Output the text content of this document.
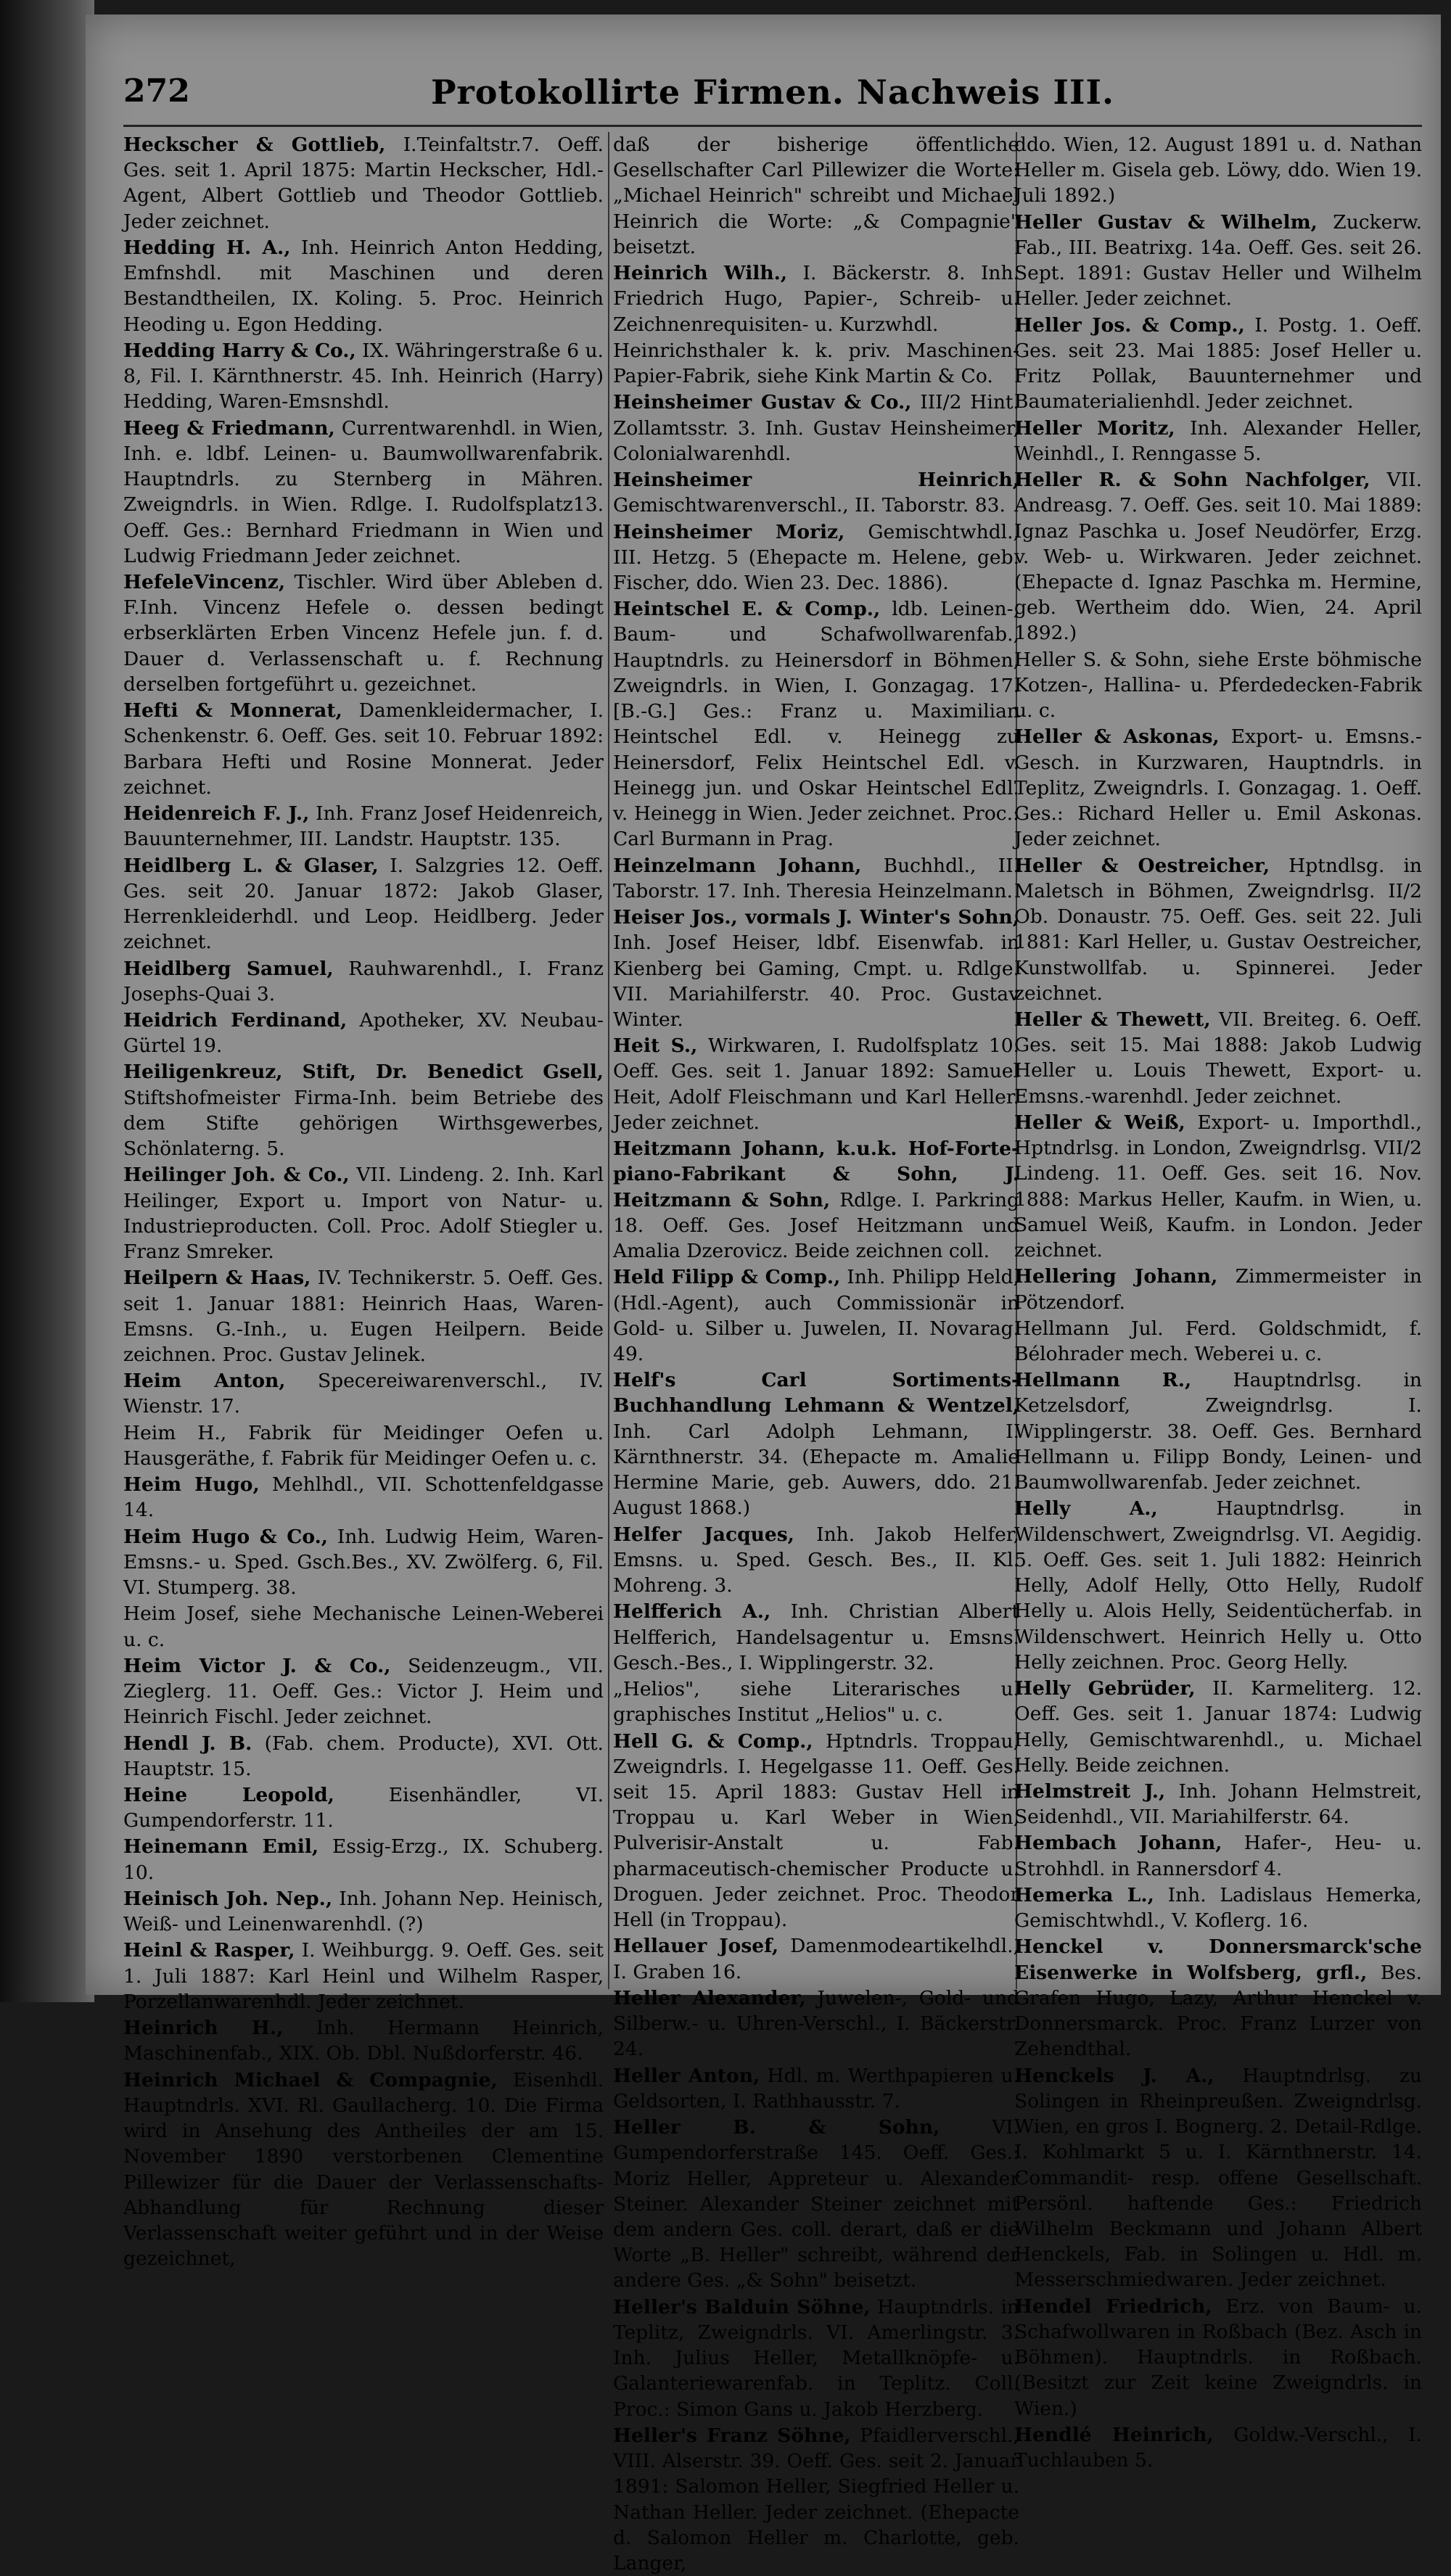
272	Protokollirte Firmen. Nachweis III.
Heckscher & Gottlieb, I.Teinfaltstr.7. Oeff. Ges. seit 1. April 1875: Martin Heckscher, Hdl.-Agent, Albert Gottlieb und Theodor Gottlieb. Jeder zeichnet.
Hedding H. A., Inh. Heinrich Anton Hedding, Emfnshdl. mit Maschinen und deren Bestandtheilen, IX. Koling. 5. Proc. Heinrich Heoding u. Egon Hedding.
Hedding Harry & Co., IX. Währingerstraße 6 u. 8, Fil. I. Kärnthnerstr. 45. Inh. Heinrich (Harry) Hedding, Waren-Emsnshdl.
Heeg & Friedmann, Currentwarenhdl. in Wien, Inh. e. ldbf. Leinen- u. Baumwollwarenfabrik. Hauptndrls. zu Sternberg in Mähren. Zweigndrls. in Wien. Rdlge. I. Rudolfsplatz13. Oeff. Ges.: Bernhard Friedmann in Wien und Ludwig Friedmann Jeder zeichnet.
HefeleVincenz, Tischler. Wird über Ableben d. F.Inh. Vincenz Hefele o. dessen bedingt erbserklärten Erben Vincenz Hefele jun. f. d. Dauer d. Verlassenschaft u. f. Rechnung derselben fortgeführt u. gezeichnet.
Hefti & Monnerat, Damenkleidermacher, I. Schenkenstr. 6. Oeff. Ges. seit 10. Februar 1892: Barbara Hefti und Rosine Monnerat. Jeder zeichnet.
Heidenreich F. J., Inh. Franz Josef Heidenreich, Bauunternehmer, III. Landstr. Hauptstr. 135.
Heidlberg L. & Glaser, I. Salzgries 12. Oeff. Ges. seit 20. Januar 1872: Jakob Glaser, Herrenkleiderhdl. und Leop. Heidlberg. Jeder zeichnet.
Heidlberg Samuel, Rauhwarenhdl., I. Franz Josephs-Quai 3.
Heidrich Ferdinand, Apotheker, XV. Neubau-Gürtel 19.
Heiligenkreuz, Stift, Dr. Benedict Gsell, Stiftshofmeister Firma-Inh. beim Betriebe des dem Stifte gehörigen Wirthsgewerbes, Schönlaterng. 5.
Heilinger Joh. & Co., VII. Lindeng. 2. Inh. Karl Heilinger, Export u. Import von Natur- u. Industrieproducten. Coll. Proc. Adolf Stiegler u. Franz Smreker.
Heilpern & Haas, IV. Technikerstr. 5. Oeff. Ges. seit 1. Januar 1881: Heinrich Haas, Waren-Emsns. G.-Inh., u. Eugen Heilpern. Beide zeichnen. Proc. Gustav Jelinek.
Heim Anton, Specereiwarenverschl., IV. Wienstr. 17.
Heim H., Fabrik für Meidinger Oefen u. Hausgeräthe, f. Fabrik für Meidinger Oefen u. c.
Heim Hugo, Mehlhdl., VII. Schottenfeldgasse 14.
Heim Hugo & Co., Inh. Ludwig Heim, Waren-Emsns.- u. Sped. Gsch.Bes., XV. Zwölferg. 6, Fil. VI. Stumperg. 38.
Heim Josef, siehe Mechanische Leinen-Weberei u. c.
Heim Victor J. & Co., Seidenzeugm., VII. Zieglerg. 11. Oeff. Ges.: Victor J. Heim und Heinrich Fischl. Jeder zeichnet.
Hendl J. B. (Fab. chem. Producte), XVI. Ott. Hauptstr. 15.
Heine Leopold,	Eisenhändler, VI. Gumpendorferstr. 11.
Heinemann Emil, Essig-Erzg., IX. Schuberg. 10.
Heinisch Joh. Nep., Inh. Johann Nep. Heinisch, Weiß- und Leinenwarenhdl. (?)
Heinl & Rasper, I. Weihburgg. 9. Oeff. Ges. seit 1. Juli 1887: Karl Heinl und Wilhelm Rasper, Porzellanwarenhdl. Jeder zeichnet.
Heinrich H., Inh. Hermann Heinrich, Maschinenfab., XIX. Ob. Dbl. Nußdorferstr. 46.
Heinrich Michael & Compagnie, Eisenhdl. Hauptndrls. XVI. Rl. Gaullacherg. 10. Die Firma wird in Ansehung des Antheiles der am 15. November 1890 verstorbenen Clementine Pillewizer für die Dauer der Verlassenschafts-Abhandlung für Rechnung dieser Verlassenschaft weiter geführt und in der Weise gezeichnet,
daß der bisherige öffentliche Gesellschafter Carl Pillewizer die Worte: „Michael Heinrich" schreibt und Michael Heinrich die Worte: „& Compagnie" beisetzt.
Heinrich Wilh., I. Bäckerstr. 8. Inh. Friedrich Hugo, Papier-, Schreib- u. Zeichnenrequisiten- u. Kurzwhdl.
Heinrichsthaler k. k. priv. Maschinen-Papier-Fabrik, siehe Kink Martin & Co.
Heinsheimer Gustav & Co., III/2 Hint. Zollamtsstr. 3. Inh. Gustav Heinsheimer, Colonialwarenhdl.
Heinsheimer Heinrich, Gemischtwarenverschl., II. Taborstr. 83.
Heinsheimer Moriz, Gemischtwhdl., III. Hetzg. 5 (Ehepacte m. Helene, geb. Fischer, ddo. Wien 23. Dec. 1886).
Heintschel E. & Comp., ldb. Leinen-, Baum- und Schafwollwarenfab., Hauptndrls. zu Heinersdorf in Böhmen, Zweigndrls. in Wien, I. Gonzagag. 17. [B.-G.] Ges.: Franz u. Maximilian Heintschel Edl. v. Heinegg zu Heinersdorf, Felix Heintschel Edl. v. Heinegg jun. und Oskar Heintschel Edl. v. Heinegg in Wien. Jeder zeichnet. Proc.: Carl Burmann in Prag.
Heinzelmann Johann, Buchhdl., II. Taborstr. 17. Inh. Theresia Heinzelmann.
Heiser Jos., vormals J. Winter's Sohn, Inh. Josef Heiser, ldbf. Eisenwfab. in Kienberg bei Gaming, Cmpt. u. Rdlge. VII. Mariahilferstr. 40. Proc. Gustav Winter.
Heit S., Wirkwaren, I. Rudolfsplatz 10. Oeff. Ges. seit 1. Januar 1892: Samuel Heit, Adolf Fleischmann und Karl Heller. Jeder zeichnet.
Heitzmann Johann, k.u.k. Hof-Forte-piano-Fabrikant & Sohn, J. Heitzmann & Sohn, Rdlge. I. Parkring 18. Oeff. Ges. Josef Heitzmann und Amalia Dzerovicz. Beide zeichnen coll.
Held Filipp & Comp., Inh. Philipp Held, (Hdl.-Agent), auch Commissionär in Gold- u. Silber u. Juwelen, II. Novarag. 49.
Helf's Carl Sortiments-Buchhandlung Lehmann & Wentzel, Inh. Carl Adolph Lehmann, I. Kärnthnerstr. 34. (Ehepacte m. Amalie Hermine Marie, geb. Auwers, ddo. 21. August 1868.)
Helfer Jacques, Inh. Jakob Helfer, Emsns. u. Sped. Gesch. Bes., II. Kl. Mohreng. 3.
Helfferich A., Inh. Christian Albert Helfferich, Handelsagentur u. Emsns. Gesch.-Bes., I. Wipplingerstr. 32.
„Helios", siehe Literarisches u. graphisches Institut „Helios" u. c.
Hell G. & Comp., Hptndrls. Troppau, Zweigndrls. I. Hegelgasse 11. Oeff. Ges. seit 15. April 1883: Gustav Hell in Troppau u. Karl Weber in Wien, Pulverisir-Anstalt u. Fab. pharmaceutisch-chemischer Producte u. Droguen. Jeder zeichnet. Proc. Theodor Hell (in Troppau).
Hellauer Josef, Damenmodeartikelhdl., I. Graben 16.
Heller Alexander, Juwelen-, Gold- und Silberw.- u. Uhren-Verschl., I. Bäckerstr. 24.
Heller Anton, Hdl. m. Werthpapieren u. Geldsorten, I. Rathhausstr. 7.
Heller B. & Sohn,	VI. Gumpendorferstraße 145. Oeff. Ges.: Moriz Heller, Appreteur u. Alexander Steiner. Alexander Steiner zeichnet mit dem andern Ges. coll. derart, daß er die Worte „B. Heller" schreibt, während der andere Ges. „& Sohn" beisetzt.
Heller's Balduin Söhne, Hauptndrls. in Teplitz, Zweigndrls. VI. Amerlingstr. 3. Inh. Julius Heller, Metallknöpfe- u. Galanteriewarenfab. in Teplitz. Coll. Proc.: Simon Gans u. Jakob Herzberg.
Heller's Franz Söhne, Pfaidlerverschl., VIII. Alserstr. 39. Oeff. Ges. seit 2. Januar 1891: Salomon Heller, Siegfried Heller u. Nathan Heller. Jeder zeichnet. (Ehepacte d. Salomon Heller m. Charlotte, geb. Langer,
ddo. Wien, 12. August 1891 u. d. Nathan Heller m. Gisela geb. Löwy, ddo. Wien 19. Juli 1892.)
Heller Gustav & Wilhelm, Zuckerw. Fab., III. Beatrixg. 14a. Oeff. Ges. seit 26. Sept. 1891: Gustav Heller und Wilhelm Heller. Jeder zeichnet.
Heller Jos. & Comp., I. Postg. 1. Oeff. Ges. seit 23. Mai 1885: Josef Heller u. Fritz Pollak, Bauunternehmer und Baumaterialienhdl. Jeder zeichnet.
Heller Moritz, Inh. Alexander Heller, Weinhdl., I. Renngasse 5.
Heller R. & Sohn Nachfolger, VII. Andreasg. 7. Oeff. Ges. seit 10. Mai 1889: Ignaz Paschka u. Josef Neudörfer, Erzg. v. Web- u. Wirkwaren. Jeder zeichnet. (Ehepacte d. Ignaz Paschka m. Hermine, geb. Wertheim ddo. Wien, 24. April 1892.)
Heller S. & Sohn, siehe Erste böhmische Kotzen-, Hallina- u. Pferdedecken-Fabrik u. c.
Heller & Askonas, Export- u. Emsns.-Gesch. in Kurzwaren, Hauptndrls. in Teplitz, Zweigndrls. I. Gonzagag. 1. Oeff. Ges.: Richard Heller u. Emil Askonas. Jeder zeichnet.
Heller & Oestreicher, Hptndlsg. in Maletsch in Böhmen, Zweigndrlsg. II/2 Ob. Donaustr. 75. Oeff. Ges. seit 22. Juli 1881: Karl Heller, u. Gustav Oestreicher, Kunstwollfab. u. Spinnerei. Jeder zeichnet.
Heller & Thewett, VII. Breiteg. 6. Oeff. Ges. seit 15. Mai 1888: Jakob Ludwig Heller u. Louis Thewett, Export- u. Emsns.-warenhdl. Jeder zeichnet.
Heller & Weiß, Export- u. Importhdl., Hptndrlsg. in London, Zweigndrlsg. VII/2 Lindeng. 11. Oeff. Ges. seit 16. Nov. 1888: Markus Heller, Kaufm. in Wien, u. Samuel Weiß, Kaufm. in London. Jeder zeichnet.
Hellering Johann, Zimmermeister in Pötzendorf.
Hellmann Jul. Ferd. Goldschmidt, f. Bélohrader mech. Weberei u. c.
Hellmann R., Hauptndrlsg. in Ketzelsdorf, Zweigndrlsg. I. Wipplingerstr. 38. Oeff. Ges. Bernhard Hellmann u. Filipp Bondy, Leinen- und Baumwollwarenfab. Jeder zeichnet.
Helly A.,	Hauptndrlsg. in Wildenschwert, Zweigndrlsg. VI. Aegidig. 5. Oeff. Ges. seit 1. Juli 1882: Heinrich Helly, Adolf Helly, Otto Helly, Rudolf Helly u. Alois Helly, Seidentücherfab. in Wildenschwert. Heinrich Helly u. Otto Helly zeichnen. Proc. Georg Helly.
Helly Gebrüder, II. Karmeliterg. 12. Oeff. Ges. seit 1. Januar 1874: Ludwig Helly, Gemischtwarenhdl., u. Michael Helly. Beide zeichnen.
Helmstreit J., Inh. Johann Helmstreit, Seidenhdl., VII. Mariahilferstr. 64.
Hembach Johann, Hafer-, Heu- u. Strohhdl. in Rannersdorf 4.
Hemerka L., Inh. Ladislaus Hemerka, Gemischtwhdl., V. Koflerg. 16.
Henckel v. Donnersmarck'sche Eisenwerke in Wolfsberg, grfl., Bes. Grafen Hugo, Lazy, Arthur Henckel v. Donnersmarck. Proc. Franz Lurzer von Zehendthal.
Henckels J. A., Hauptndrlsg. zu Solingen in Rheinpreußen. Zweigndrlsg. Wien, en gros I. Bognerg. 2. Detail-Rdlge. I. Kohlmarkt 5 u. I. Kärnthnerstr. 14. Commandit- resp. offene Gesellschaft. Persönl. haftende Ges.: Friedrich Wilhelm Beckmann und Johann Albert Henckels, Fab. in Solingen u. Hdl. m. Messerschmiedwaren. Jeder zeichnet.
Hendel Friedrich, Erz. von Baum- u. Schafwollwaren in Roßbach (Bez. Asch in Böhmen). Hauptndrls. in Roßbach. (Besitzt zur Zeit keine Zweigndrls. in Wien.)
Hendlé Heinrich, Goldw.-Verschl., I. Tuchlauben 5.
